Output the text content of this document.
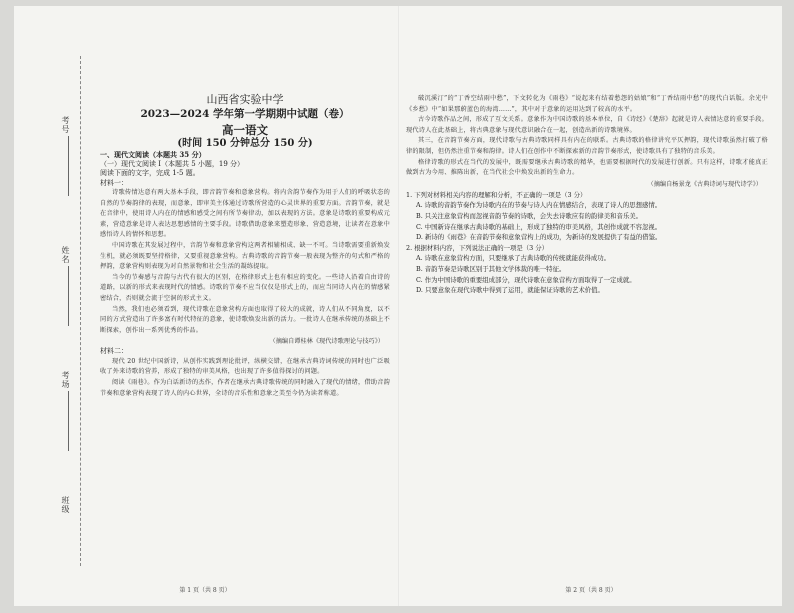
考号
姓名
考场
班级
山西省实验中学
2023—2024 学年第一学期期中试题（卷）
高一语文
(时间 150 分钟总分 150 分)

一、现代文阅读（本题共 35 分）

（一）现代文阅读 I（本题共 5 小题，19 分）

阅读下面的文字，完成 1-5 题。

材料一：

诗歌传情达意有两大基本手段，即音韵节奏和意象营构。将内含韵节奏作为用于人们的呼吸状态的自然的节奏韵律的表现，而意象，即审美主体通过诗歌所营造的心灵世界的重要方面。音韵节奏，就是在音律中，使用诗人内在的情感和感受之间有所节奏律动，加以表现的方法。意象是诗歌的重要构成元素，营造意象是诗人表达思想感情的主要手段。诗歌借助意象来塑造形象、营造意境，让读者在意象中感悟诗人的情怀和思想。

中国诗歌在其发展过程中，音韵节奏和意象营构这两者相辅相成、缺一不可。当诗歌需要重新焕发生机，就必须既要坚持格律，又要重视意象营构。古典诗歌的音韵节奏一般表现为整齐的句式和严格的押韵，意象营构则表现为对自然景物和社会生活的凝练提取。

当今的节奏感与音韵与古代有很大的区别，在格律形式上也有相应的变化。一些诗人沿着自由诗的道路，以新的形式来表现时代的情感。诗歌的节奏不应当仅仅是形式上的，而应当同诗人内在的情感紧密结合，否则就会流于空洞的形式主义。

当然，我们也必须看到，现代诗歌在意象营构方面也取得了较大的成就，诗人们从不同角度，以不同的方式营造出了许多富有时代特征的意象，使诗歌焕发出新的活力。一批诗人在继承传统的基础上不断探索，创作出一系列优秀的作品。

（摘编自谭桂林《现代诗歌理论与技巧》）

材料二：

现代 20 世纪中国新诗，从创作实践到理论批评，纵横交错，在继承古典诗词传统的同时也广泛吸收了外来诗歌的营养，形成了独特的审美风格，也出现了许多值得探讨的问题。

阅读《雨巷》。作为白话新诗的杰作，作者在继承古典诗歌传统的同时融入了现代的情绪，借助音韵节奏和意象营构表现了诗人的内心世界，全诗的音乐性和意象之美至今仍为读者称道。

第 1 页（共 8 页）

破沉溪汀”的“丁香空结雨中愁”，下文转化为《雨巷》“说起来有结着愁怨的姑娘”和“丁香结雨中愁”的现代白话版。余光中《乡愁》中“如果那蔚蓝色的海湾……”，其中对于意象的运用达到了较高的水平。

古今诗歌作品之间，形成了互文关系。意象作为中国诗歌的基本单位，自《诗经》《楚辞》起就是诗人表情达意的重要手段。现代诗人在此基础上，将古典意象与现代意识融合在一起，创造出新的诗歌境界。

其三，在音韵节奏方面，现代诗歌与古典诗歌同样具有内在的联系。古典诗歌的格律讲究平仄押韵，现代诗歌虽然打破了格律的限制，但仍然注重节奏和韵律。诗人们在创作中不断探索新的音韵节奏形式，使诗歌具有了独特的音乐美。

格律诗歌的形式在当代的发展中，既需要继承古典诗歌的精华，也需要根据时代的发展进行创新。只有这样，诗歌才能真正做到古为今用、推陈出新，在当代社会中焕发出新的生命力。

（摘编自杨景龙《古典诗词与现代诗学》）

1. 下列对材料相关内容的理解和分析，不正确的一项是（3 分）

A. 诗歌的音韵节奏作为诗歌内在的节奏与诗人内在情感结合，表现了诗人的思想感情。

B. 只关注意象营构而忽视音韵节奏的诗歌，会失去诗歌应有的韵律美和音乐美。

C. 中国新诗在继承古典诗歌的基础上，形成了独特的审美风格，其创作成就不容忽视。

D. 新诗的《雨巷》在音韵节奏和意象营构上的成功，为新诗的发展提供了有益的借鉴。

2. 根据材料内容，下列说法正确的一项是（3 分）

A. 诗歌在意象营构方面，只要继承了古典诗歌的传统就能获得成功。

B. 音韵节奏是诗歌区别于其他文学体裁的唯一特征。

C. 作为中国诗歌的重要组成部分，现代诗歌在意象营构方面取得了一定成就。

D. 只要意象在现代诗歌中得到了运用，就能保证诗歌的艺术价值。

第 2 页（共 8 页）
